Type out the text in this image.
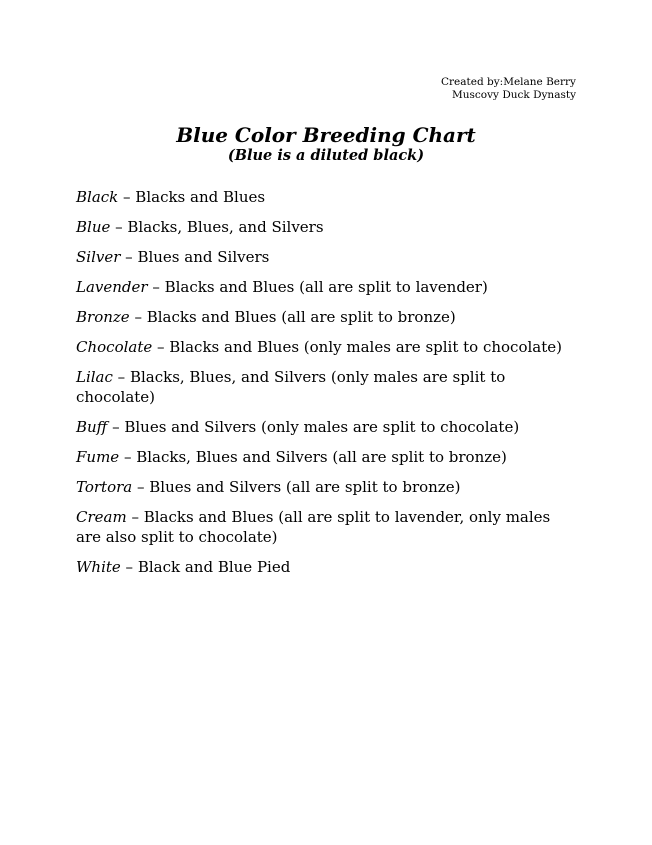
Created by:Melane Berry
Muscovy Duck Dynasty
Blue Color Breeding Chart
(Blue is a diluted black)

Black – Blacks and Blues

Blue – Blacks, Blues, and Silvers

Silver – Blues and Silvers

Lavender – Blacks and Blues (all are split to lavender)

Bronze – Blacks and Blues (all are split to bronze)

Chocolate – Blacks and Blues (only males are split to chocolate)

Lilac – Blacks, Blues, and Silvers (only males are split to chocolate)

Buff – Blues and Silvers (only males are split to chocolate)

Fume – Blacks, Blues and Silvers (all are split to bronze)

Tortora – Blues and Silvers (all are split to bronze)

Cream – Blacks and Blues (all are split to lavender, only males are also split to chocolate)

White – Black and Blue Pied
